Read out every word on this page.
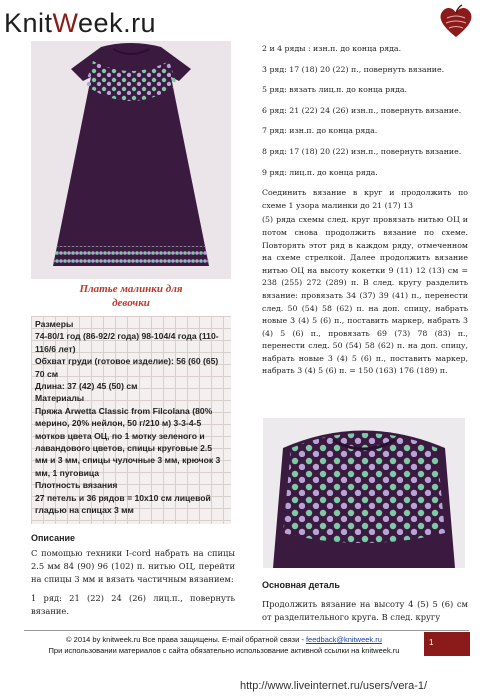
KnitWeek.ru
Платье малинки для
девочки
Размеры
74-80/1 год (86-92/2 года) 98-104/4 года (110-116/6 лет)
Обхват груди (готовое изделие): 56 (60 (65) 70 см
Длина: 37 (42) 45 (50) см
Материалы
Пряжа Arwetta Classic from Filcolana (80% мерино, 20% нейлон, 50 г/210 м) 3-3-4-5 мотков цвета ОЦ, по 1 мотку зеленого и лавандового цветов, спицы круговые 2.5 мм и 3 мм, спицы чулочные 3 мм, крючок 3 мм, 1 пуговица
Плотность вязания
27 петель и 36 рядов = 10x10 см лицевой гладью на спицах 3 мм
Описание

С помощью техники I-cord набрать на спицы 2.5 мм 84 (90) 96 (102) п. нитью ОЦ, перейти на спицы 3 мм и вязать частичным вязанием:

1 ряд: 21 (22) 24 (26) лиц.п., повернуть вязание.

2 и 4 ряды : изн.п. до конца ряда.

3 ряд: 17 (18) 20 (22) п., повернуть вязание.

5 ряд: вязать лиц.п. до конца ряда.

6 ряд: 21 (22) 24 (26) изн.п., повернуть вязание.

7 ряд: изн.п. до конца ряда.

8 ряд: 17 (18) 20 (22) изн.п., повернуть вязание.

9 ряд: лиц.п. до конца ряда.

Соединить вязание в круг и продолжить по схеме 1 узора малинки до 21 (17) 13

(5) ряда схемы след. круг провязать нитью ОЦ и потом снова продолжить вязание по схеме. Повторять этот ряд в каждом ряду, отмеченном на схеме стрелкой. Далее продолжить вязание нитью ОЦ на высоту кокетки 9 (11) 12 (13) см = 238 (255) 272 (289) п. В след. кругу разделить вязание: провязать 34 (37) 39 (41) п., перенести след. 50 (54) 58 (62) п. на доп. спицу, набрать новые 3 (4) 5 (6) п., поставить маркер, набрать 3 (4) 5 (6) п., провязать 69 (73) 78 (83) п., перенести след. 50 (54) 58 (62) п. на доп. спицу, набрать новые 3 (4) 5 (6) п., поставить маркер, набрать 3 (4) 5 (6) п. = 150 (163) 176 (189) п.

Основная деталь
Продолжить вязание на высоту 4 (5) 5 (6) см от разделительного круга. В след. кругу
© 2014 by knitweek.ru Все права защищены. E-mail обратной связи - feedback@knitweek.ru
При использовании материалов с сайта обязательно использование активной ссылки на knitweek.ru
1
http://www.liveinternet.ru/users/vera-1/
